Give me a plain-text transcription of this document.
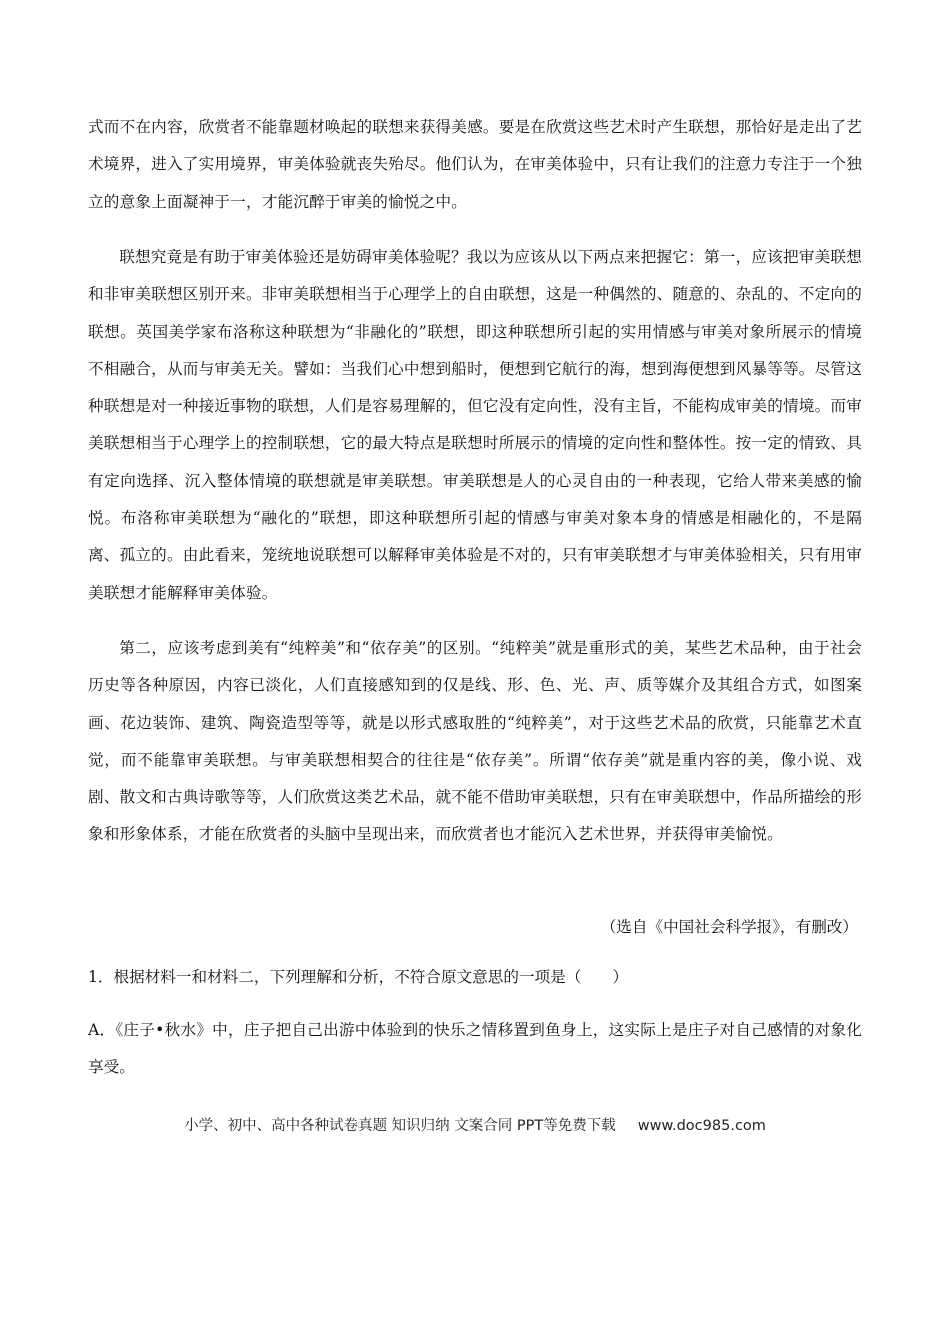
式而不在内容，欣赏者不能靠题材唤起的联想来获得美感。要是在欣赏这些艺术时产生联想，那恰好是走出了艺术境界，进入了实用境界，审美体验就丧失殆尽。他们认为，在审美体验中，只有让我们的注意力专注于一个独立的意象上面凝神于一，才能沉醉于审美的愉悦之中。

联想究竟是有助于审美体验还是妨碍审美体验呢？我以为应该从以下两点来把握它：第一，应该把审美联想和非审美联想区别开来。非审美联想相当于心理学上的自由联想，这是一种偶然的、随意的、杂乱的、不定向的联想。英国美学家布洛称这种联想为“非融化的”联想，即这种联想所引起的实用情感与审美对象所展示的情境不相融合，从而与审美无关。譬如：当我们心中想到船时，便想到它航行的海，想到海便想到风暴等等。尽管这种联想是对一种接近事物的联想，人们是容易理解的，但它没有定向性，没有主旨，不能构成审美的情境。而审美联想相当于心理学上的控制联想，它的最大特点是联想时所展示的情境的定向性和整体性。按一定的情致、具有定向选择、沉入整体情境的联想就是审美联想。审美联想是人的心灵自由的一种表现，它给人带来美感的愉悦。布洛称审美联想为“融化的”联想，即这种联想所引起的情感与审美对象本身的情感是相融化的，不是隔离、孤立的。由此看来，笼统地说联想可以解释审美体验是不对的，只有审美联想才与审美体验相关，只有用审美联想才能解释审美体验。

第二，应该考虑到美有“纯粹美”和“依存美”的区别。“纯粹美”就是重形式的美，某些艺术品种，由于社会历史等各种原因，内容已淡化，人们直接感知到的仅是线、形、色、光、声、质等媒介及其组合方式，如图案画、花边装饰、建筑、陶瓷造型等等，就是以形式感取胜的“纯粹美”，对于这些艺术品的欣赏，只能靠艺术直觉，而不能靠审美联想。与审美联想相契合的往往是“依存美”。所谓“依存美”就是重内容的美，像小说、戏剧、散文和古典诗歌等等，人们欣赏这类艺术品，就不能不借助审美联想，只有在审美联想中，作品所描绘的形象和形象体系，才能在欣赏者的头脑中呈现出来，而欣赏者也才能沉入艺术世界，并获得审美愉悦。

（选自《中国社会科学报》，有删改）

1．根据材料一和材料二，下列理解和分析，不符合原文意思的一项是（　　）

A．《庄子•秋水》中，庄子把自己出游中体验到的快乐之情移置到鱼身上，这实际上是庄子对自己感情的对象化享受。

小学、初中、高中各种试卷真题 知识归纳 文案合同 PPT等免费下载 www.doc985.com
